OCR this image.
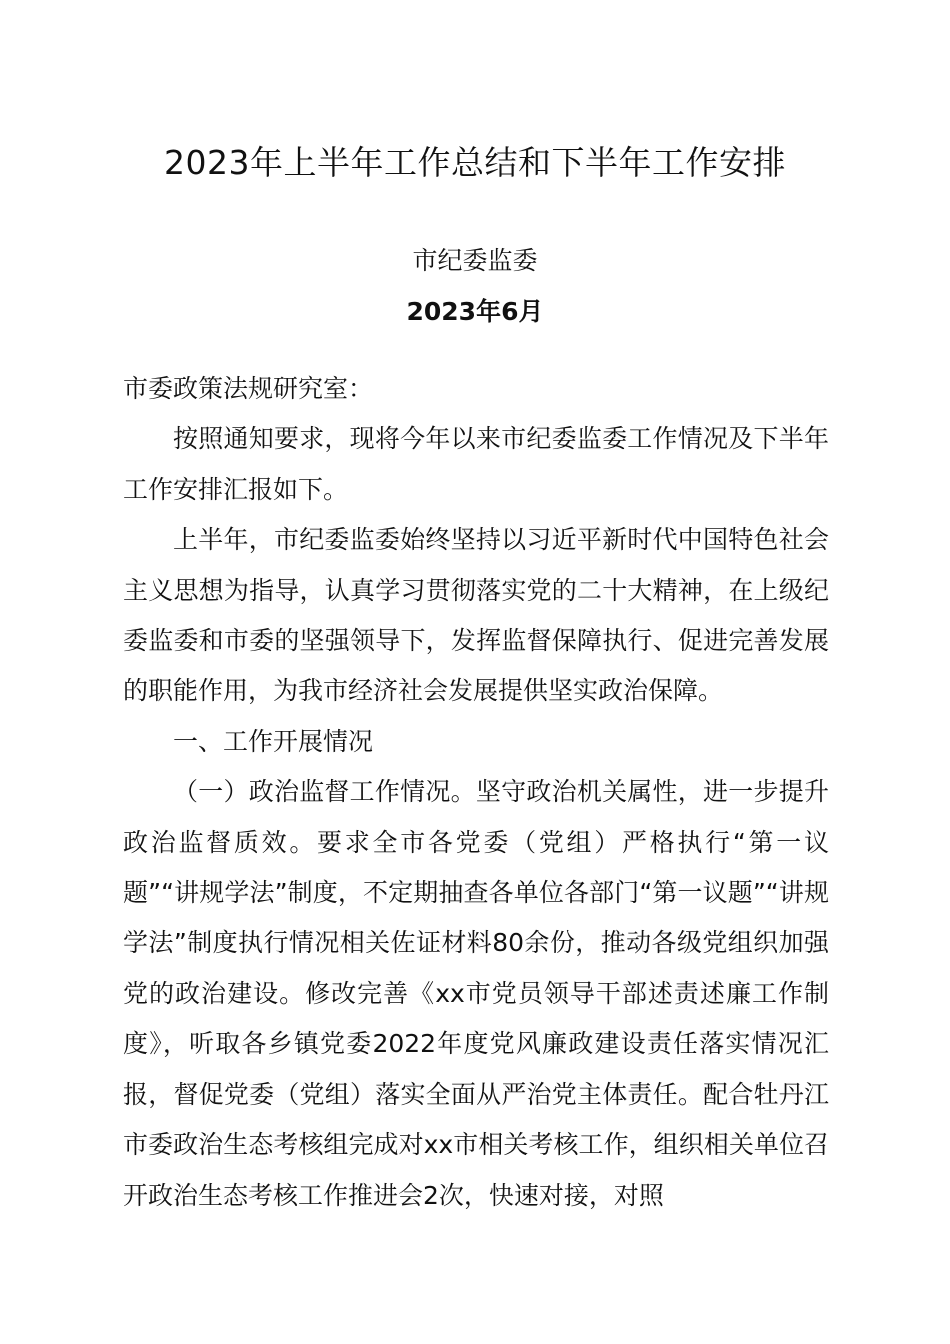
2023年上半年工作总结和下半年工作安排
市纪委监委
2023年6月

市委政策法规研究室：

按照通知要求，现将今年以来市纪委监委工作情况及下半年工作安排汇报如下。

上半年，市纪委监委始终坚持以习近平新时代中国特色社会主义思想为指导，认真学习贯彻落实党的二十大精神，在上级纪委监委和市委的坚强领导下，发挥监督保障执行、促进完善发展的职能作用，为我市经济社会发展提供坚实政治保障。

一、工作开展情况

（一）政治监督工作情况。坚守政治机关属性，进一步提升政治监督质效。要求全市各党委（党组）严格执行“第一议题”“讲规学法”制度，不定期抽查各单位各部门“第一议题”“讲规学法”制度执行情况相关佐证材料80余份，推动各级党组织加强党的政治建设。修改完善《xx市党员领导干部述责述廉工作制度》，听取各乡镇党委2022年度党风廉政建设责任落实情况汇报，督促党委（党组）落实全面从严治党主体责任。配合牡丹江市委政治生态考核组完成对xx市相关考核工作，组织相关单位召开政治生态考核工作推进会2次，快速对接，对照
